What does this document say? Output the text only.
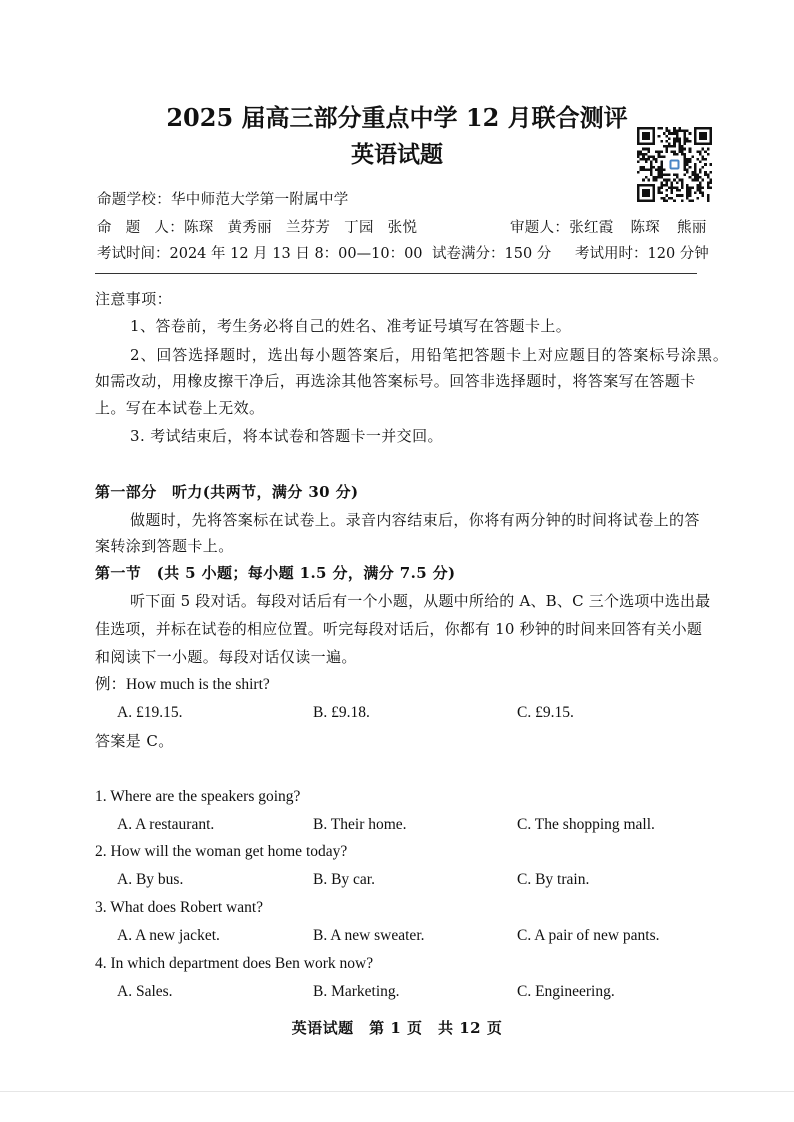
2025 届高三部分重点中学 12 月联合测评
英语试题
命题学校：华中师范大学第一附属中学
命 题 人：陈琛 黄秀丽 兰芬芳 丁园 张悦	审题人：张红霞 陈琛 熊丽
考试时间：2024 年 12 月 13 日 8：00—10：00 试卷满分：150 分 考试用时：120 分钟
注意事项：
1、答卷前，考生务必将自己的姓名、准考证号填写在答题卡上。
2、回答选择题时，选出每小题答案后，用铅笔把答题卡上对应题目的答案标号涂黑。
如需改动，用橡皮擦干净后，再选涂其他答案标号。回答非选择题时，将答案写在答题卡
上。写在本试卷上无效。
3. 考试结束后，将本试卷和答题卡一并交回。
第一部分　听力(共两节，满分 30 分)
做题时，先将答案标在试卷上。录音内容结束后，你将有两分钟的时间将试卷上的答
案转涂到答题卡上。
第一节　(共 5 小题；每小题 1.5 分，满分 7.5 分)
听下面 5 段对话。每段对话后有一个小题，从题中所给的 A、B、C 三个选项中选出最
佳选项，并标在试卷的相应位置。听完每段对话后，你都有 10 秒钟的时间来回答有关小题
和阅读下一小题。每段对话仅读一遍。
例：How much is the shirt?
A. £19.15.	B. £9.18.	C. £9.15.
答案是 C。
1. Where are the speakers going?
A. A restaurant.	B. Their home.	C. The shopping mall.
2. How will the woman get home today?
A. By bus.	B. By car.	C. By train.
3. What does Robert want?
A. A new jacket.	B. A new sweater.	C. A pair of new pants.
4. In which department does Ben work now?
A. Sales.	B. Marketing.	C. Engineering.
英语试题　第 1 页　共 12 页
